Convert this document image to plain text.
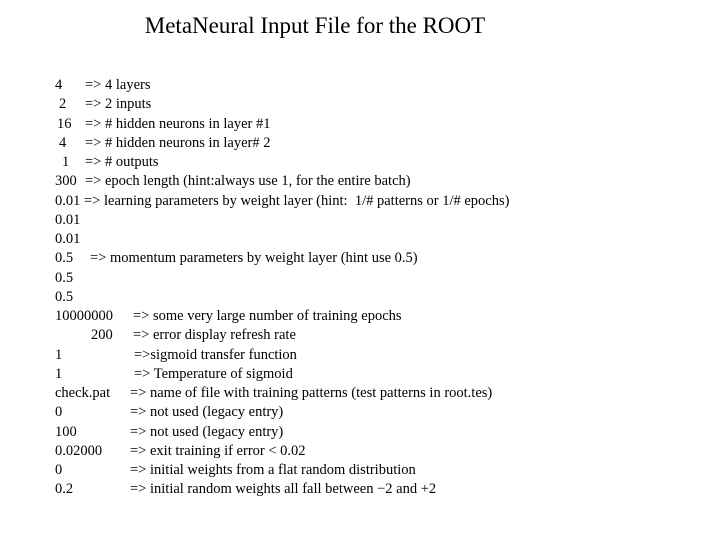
MetaNeural Input File for the ROOT
4 => 4 layers
2 => 2 inputs
16 => # hidden neurons in layer #1
4 => # hidden neurons in layer# 2
1 => # outputs
300 => epoch length (hint:always use 1, for the entire batch)
0.01 => learning parameters by weight layer (hint:  1/# patterns or 1/# epochs)
0.01
0.01
0.5 => momentum parameters by weight layer (hint use 0.5)
0.5
0.5
10000000 => some very large number of training epochs
200 => error display refresh rate
1	=>sigmoid transfer function
1	=> Temperature of sigmoid
check.pat => name of file with training patterns (test patterns in root.tes)
0	=> not used (legacy entry)
100	=> not used (legacy entry)
0.02000 => exit training if error < 0.02
0	=> initial weights from a flat random distribution
0.2	=> initial random weights all fall between −2 and +2
